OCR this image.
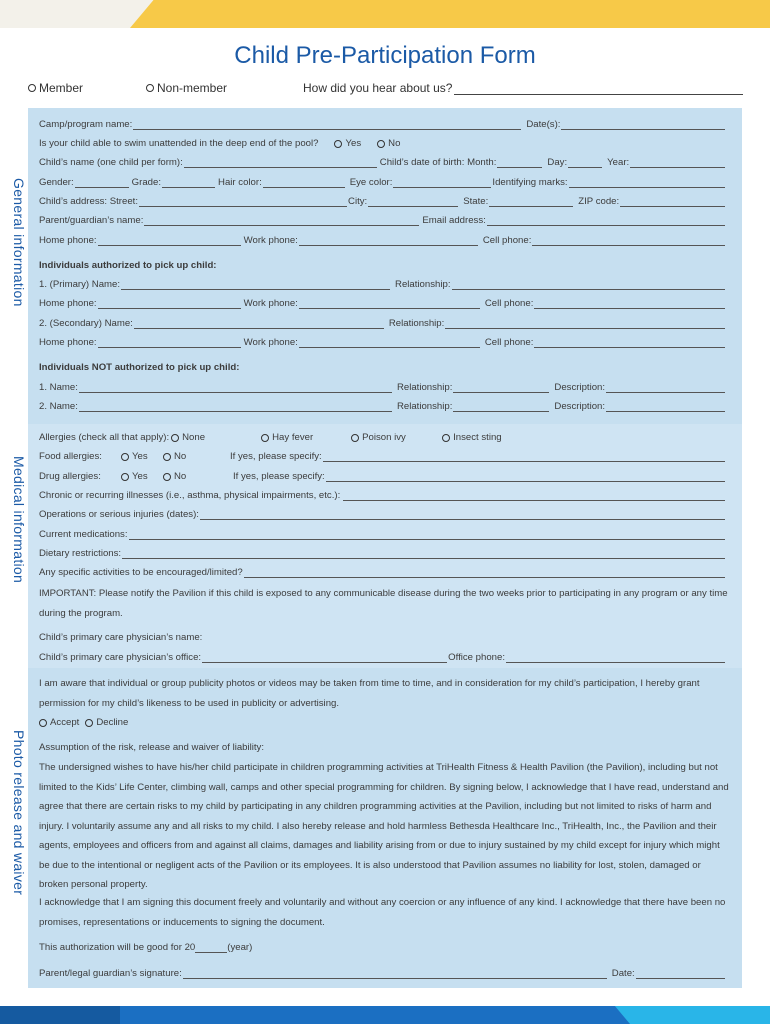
Child Pre-Participation Form
Member	Non-member	How did you hear about us?
General information
Medical information
Photo release and waiver
Camp/program name:	Date(s):
Is your child able to swim unattended in the deep end of the pool?	Yes	No
Child’s name (one child per form):	Child’s date of birth: Month:	Day:	Year:
Gender:	Grade:	Hair color:	Eye color:	Identifying marks:
Child’s address: Street:	City:	State:	ZIP code:
Parent/guardian’s name:	Email address:
Home phone:	Work phone:	Cell phone:
Individuals authorized to pick up child:
1. (Primary) Name:	Relationship:
Home phone:	Work phone:	Cell phone:
2. (Secondary) Name:	Relationship:
Home phone:	Work phone:	Cell phone:
Individuals NOT authorized to pick up child:
1. Name:	Relationship:	Description:
2. Name:	Relationship:	Description:
Allergies (check all that apply): None	Hay fever	Poison ivy	Insect sting
Food allergies:	Yes	No	If yes, please specify:
Drug allergies:	Yes	No	If yes, please specify:
Chronic or recurring illnesses (i.e., asthma, physical impairments, etc.):
Operations or serious injuries (dates):
Current medications:
Dietary restrictions:
Any specific activities to be encouraged/limited?
IMPORTANT: Please notify the Pavilion if this child is exposed to any communicable disease during the two weeks prior to participating in any program or any time during the program.
Child’s primary care physician’s name:
Child’s primary care physician’s office:	Office phone:
I am aware that individual or group publicity photos or videos may be taken from time to time, and in consideration for my child’s participation, I hereby grant permission for my child’s likeness to be used in publicity or advertising.
Accept Decline
Assumption of the risk, release and waiver of liability:
The undersigned wishes to have his/her child participate in children programming activities at TriHealth Fitness & Health Pavilion (the Pavilion), including but not limited to the Kids’ Life Center, climbing wall, camps and other special programming for children. By signing below, I acknowledge that I have read, understand and agree that there are certain risks to my child by participating in any children programming activities at the Pavilion, including but not limited to risks of harm and injury. I voluntarily assume any and all risks to my child. I also hereby release and hold harmless Bethesda Healthcare Inc., TriHealth, Inc., the Pavilion and their agents, employees and officers from and against all claims, damages and liability arising from or due to injury sustained by my child except for injury which might be due to the intentional or negligent acts of the Pavilion or its employees. It is also understood that Pavilion assumes no liability for lost, stolen, damaged or broken personal property.
I acknowledge that I am signing this document freely and voluntarily and without any coercion or any influence of any kind. I acknowledge that there have been no promises, representations or inducements to signing the document.
This authorization will be good for 20	(year)
Parent/legal guardian’s signature:	Date:
